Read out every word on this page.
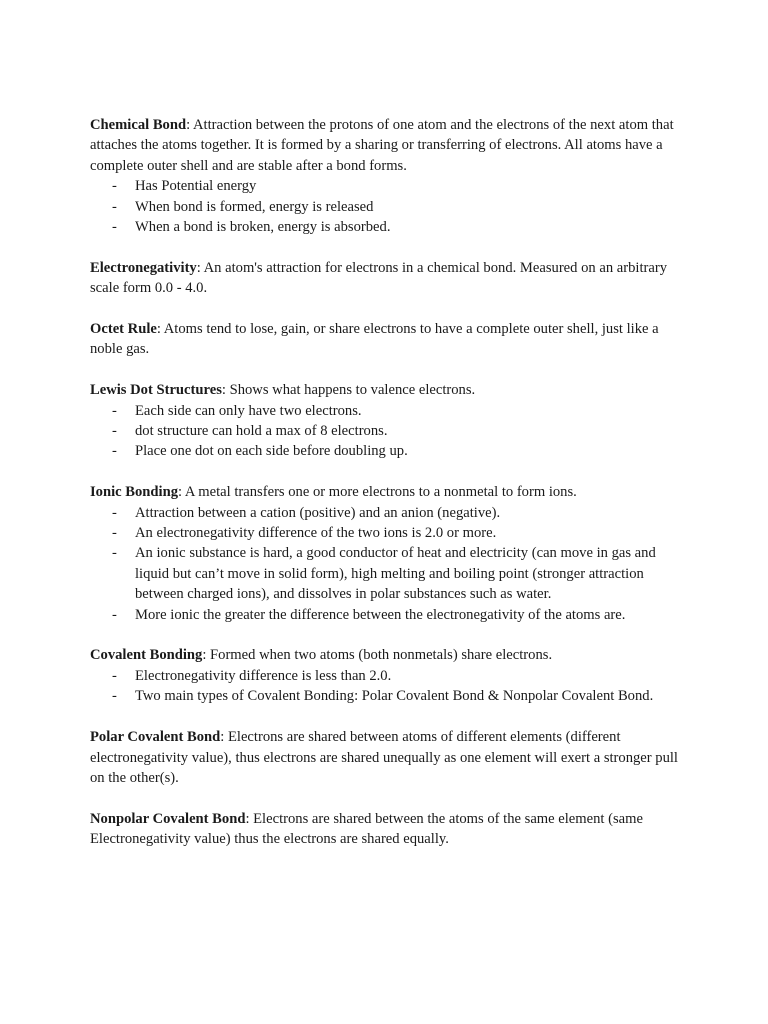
Chemical Bond: Attraction between the protons of one atom and the electrons of the next atom that attaches the atoms together. It is formed by a sharing or transferring of electrons. All atoms have a complete outer shell and are stable after a bond forms.

- Has Potential energy
- When bond is formed, energy is released
- When a bond is broken, energy is absorbed.

Electronegativity: An atom's attraction for electrons in a chemical bond. Measured on an arbitrary scale form 0.0 - 4.0.

Octet Rule: Atoms tend to lose, gain, or share electrons to have a complete outer shell, just like a noble gas.

Lewis Dot Structures: Shows what happens to valence electrons.

- Each side can only have two electrons.
- dot structure can hold a max of 8 electrons.
- Place one dot on each side before doubling up.

Ionic Bonding: A metal transfers one or more electrons to a nonmetal to form ions.

- Attraction between a cation (positive) and an anion (negative).
- An electronegativity difference of the two ions is 2.0 or more.
- An ionic substance is hard, a good conductor of heat and electricity (can move in gas and liquid but can’t move in solid form), high melting and boiling point (stronger attraction between charged ions), and dissolves in polar substances such as water.
- More ionic the greater the difference between the electronegativity of the atoms are.

Covalent Bonding: Formed when two atoms (both nonmetals) share electrons.

- Electronegativity difference is less than 2.0.
- Two main types of Covalent Bonding: Polar Covalent Bond & Nonpolar Covalent Bond.

Polar Covalent Bond: Electrons are shared between atoms of different elements (different electronegativity value), thus electrons are shared unequally as one element will exert a stronger pull on the other(s).

Nonpolar Covalent Bond: Electrons are shared between the atoms of the same element (same Electronegativity value) thus the electrons are shared equally.
